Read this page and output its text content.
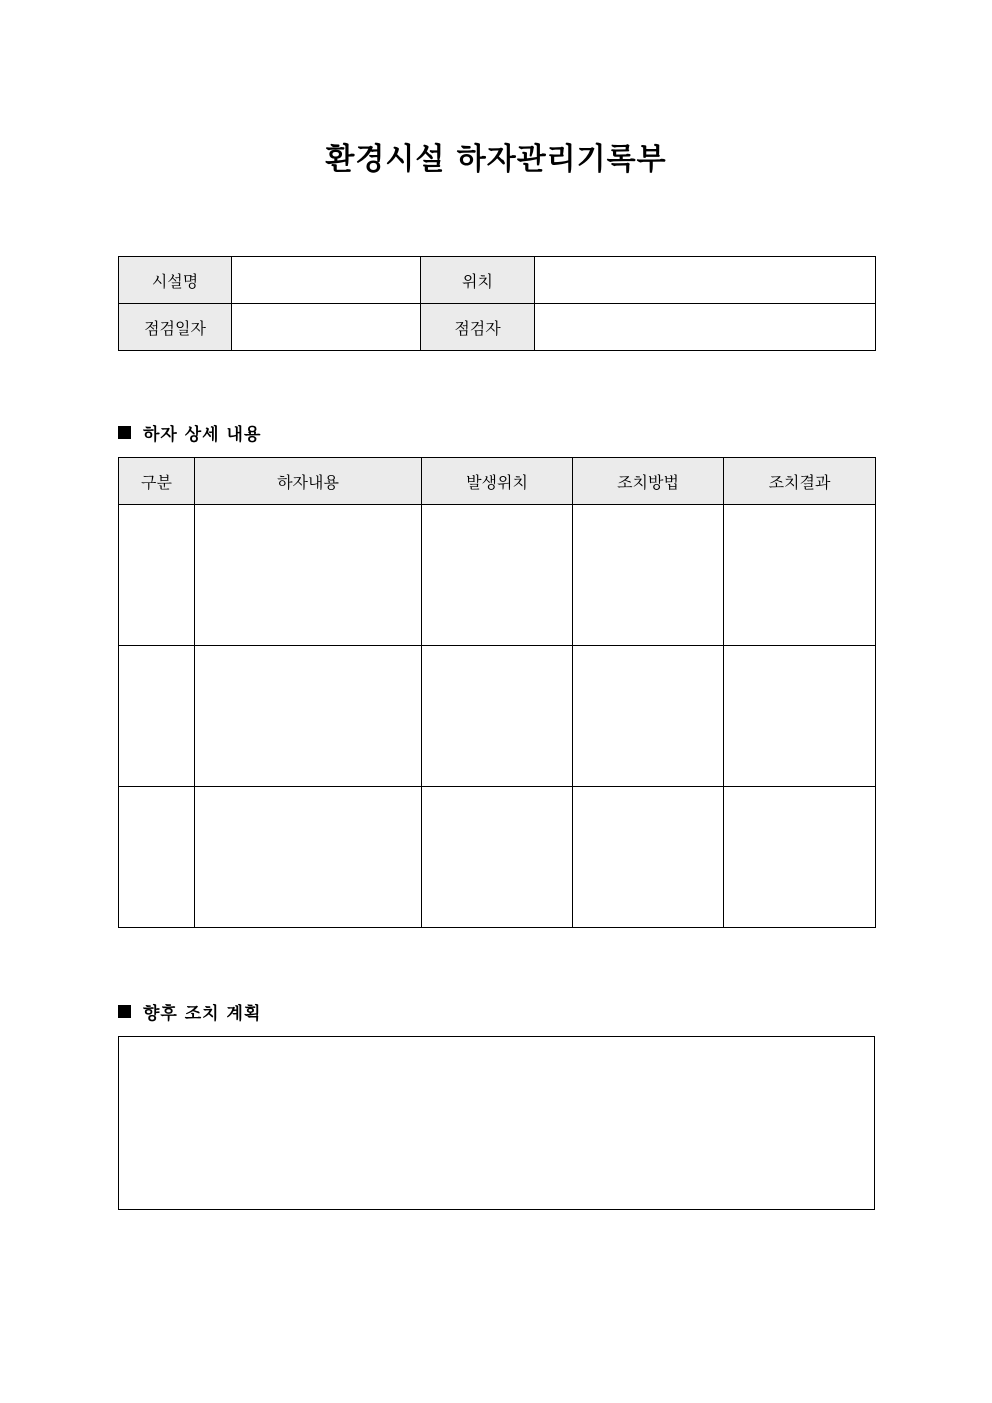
환경시설 하자관리기록부
시설명		위치	
점검일자		점검자	
하자 상세 내용
구분	하자내용	발생위치	조치방법	조치결과

향후 조치 계획
